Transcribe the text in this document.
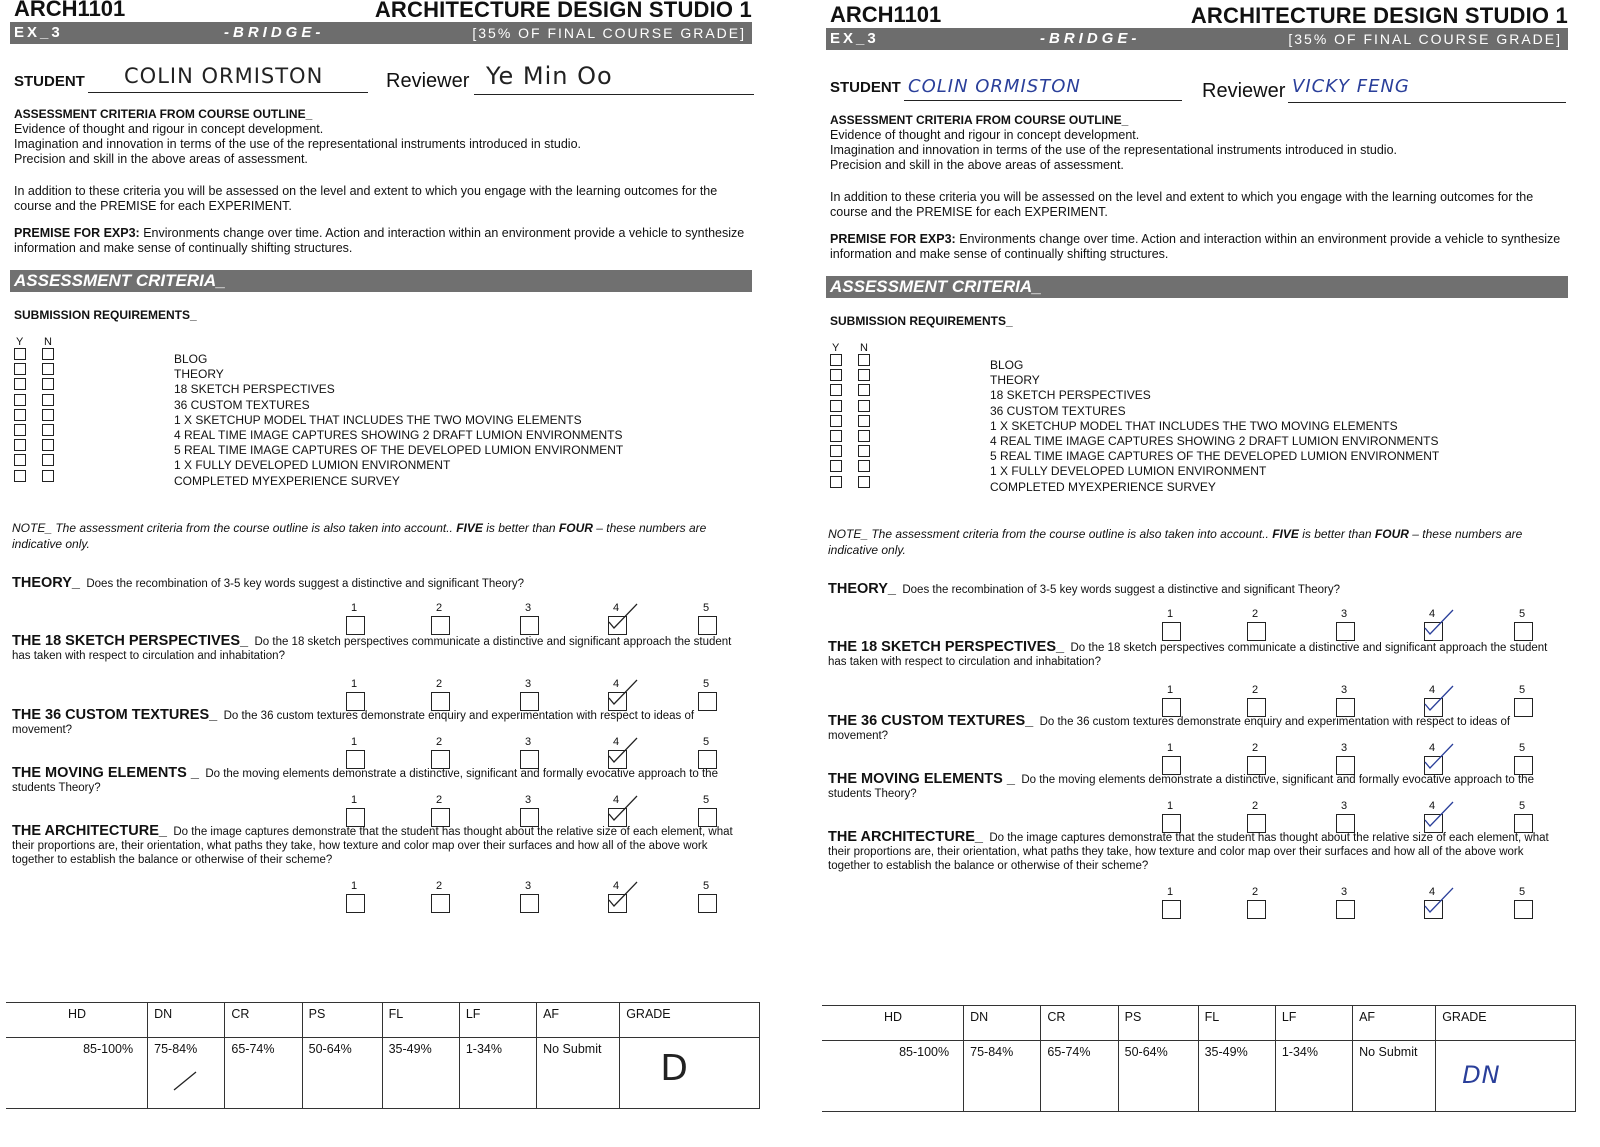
ARCH1101	ARCHITECTURE DESIGN STUDIO 1
EX_3	-BRIDGE-	[35% OF FINAL COURSE GRADE]
STUDENT COLIN ORMISTON	Reviewer Ye Min Oo
ASSESSMENT CRITERIA FROM COURSE OUTLINE_
Evidence of thought and rigour in concept development.
Imagination and innovation in terms of the use of the representational instruments introduced in studio.
Precision and skill in the above areas of assessment.
In addition to these criteria you will be assessed on the level and extent to which you engage with the learning outcomes for the course and the PREMISE for each EXPERIMENT.
PREMISE FOR EXP3: Environments change over time. Action and interaction within an environment provide a vehicle to synthesize information and make sense of continually shifting structures.
ASSESSMENT CRITERIA_
SUBMISSION REQUIREMENTS_
Y N
BLOG
THEORY
18 SKETCH PERSPECTIVES
36 CUSTOM TEXTURES
1 X SKETCHUP MODEL THAT INCLUDES THE TWO MOVING ELEMENTS
4 REAL TIME IMAGE CAPTURES SHOWING 2 DRAFT LUMION ENVIRONMENTS
5 REAL TIME IMAGE CAPTURES OF THE DEVELOPED LUMION ENVIRONMENT
1 X FULLY DEVELOPED LUMION ENVIRONMENT
COMPLETED MYEXPERIENCE SURVEY
NOTE_ The assessment criteria from the course outline is also taken into account.. FIVE is better than FOUR – these numbers are indicative only.
THEORY_ Does the recombination of 3-5 key words suggest a distinctive and significant Theory?
1	2	3	4	5
THE 18 SKETCH PERSPECTIVES_ Do the 18 sketch perspectives communicate a distinctive and significant approach the student has taken with respect to circulation and inhabitation?
1	2	3	4	5
THE 36 CUSTOM TEXTURES_ Do the 36 custom textures demonstrate enquiry and experimentation with respect to ideas of movement?
1	2	3	4	5
THE MOVING ELEMENTS _ Do the moving elements demonstrate a distinctive, significant and formally evocative approach to the students Theory?
1	2	3	4	5
THE ARCHITECTURE_ Do the image captures demonstrate that the student has thought about the relative size of each element, what their proportions are, their orientation, what paths they take, how texture and color map over their surfaces and how all of the above work together to establish the balance or otherwise of their scheme?
1	2	3	4	5
HD	DN	CR	PS	FL	LF	AF	GRADE
85-100%	75-84%	65-74%	50-64%	35-49%	1-34%	No Submit	D
ARCH1101	ARCHITECTURE DESIGN STUDIO 1
EX_3	-BRIDGE-	[35% OF FINAL COURSE GRADE]
STUDENT COLIN ORMISTON	Reviewer VICKY FENG
ASSESSMENT CRITERIA FROM COURSE OUTLINE_
Evidence of thought and rigour in concept development.
Imagination and innovation in terms of the use of the representational instruments introduced in studio.
Precision and skill in the above areas of assessment.
In addition to these criteria you will be assessed on the level and extent to which you engage with the learning outcomes for the course and the PREMISE for each EXPERIMENT.
PREMISE FOR EXP3: Environments change over time. Action and interaction within an environment provide a vehicle to synthesize information and make sense of continually shifting structures.
ASSESSMENT CRITERIA_
SUBMISSION REQUIREMENTS_
Y N
BLOG
THEORY
18 SKETCH PERSPECTIVES
36 CUSTOM TEXTURES
1 X SKETCHUP MODEL THAT INCLUDES THE TWO MOVING ELEMENTS
4 REAL TIME IMAGE CAPTURES SHOWING 2 DRAFT LUMION ENVIRONMENTS
5 REAL TIME IMAGE CAPTURES OF THE DEVELOPED LUMION ENVIRONMENT
1 X FULLY DEVELOPED LUMION ENVIRONMENT
COMPLETED MYEXPERIENCE SURVEY
NOTE_ The assessment criteria from the course outline is also taken into account.. FIVE is better than FOUR – these numbers are indicative only.
THEORY_ Does the recombination of 3-5 key words suggest a distinctive and significant Theory?
1	2	3	4	5
THE 18 SKETCH PERSPECTIVES_ Do the 18 sketch perspectives communicate a distinctive and significant approach the student has taken with respect to circulation and inhabitation?
1	2	3	4	5
THE 36 CUSTOM TEXTURES_ Do the 36 custom textures demonstrate enquiry and experimentation with respect to ideas of movement?
1	2	3	4	5
THE MOVING ELEMENTS _ Do the moving elements demonstrate a distinctive, significant and formally evocative approach to the students Theory?
1	2	3	4	5
THE ARCHITECTURE_ Do the image captures demonstrate that the student has thought about the relative size of each element, what their proportions are, their orientation, what paths they take, how texture and color map over their surfaces and how all of the above work together to establish the balance or otherwise of their scheme?
1	2	3	4	5
HD	DN	CR	PS	FL	LF	AF	GRADE
85-100%	75-84%	65-74%	50-64%	35-49%	1-34%	No Submit	DN
